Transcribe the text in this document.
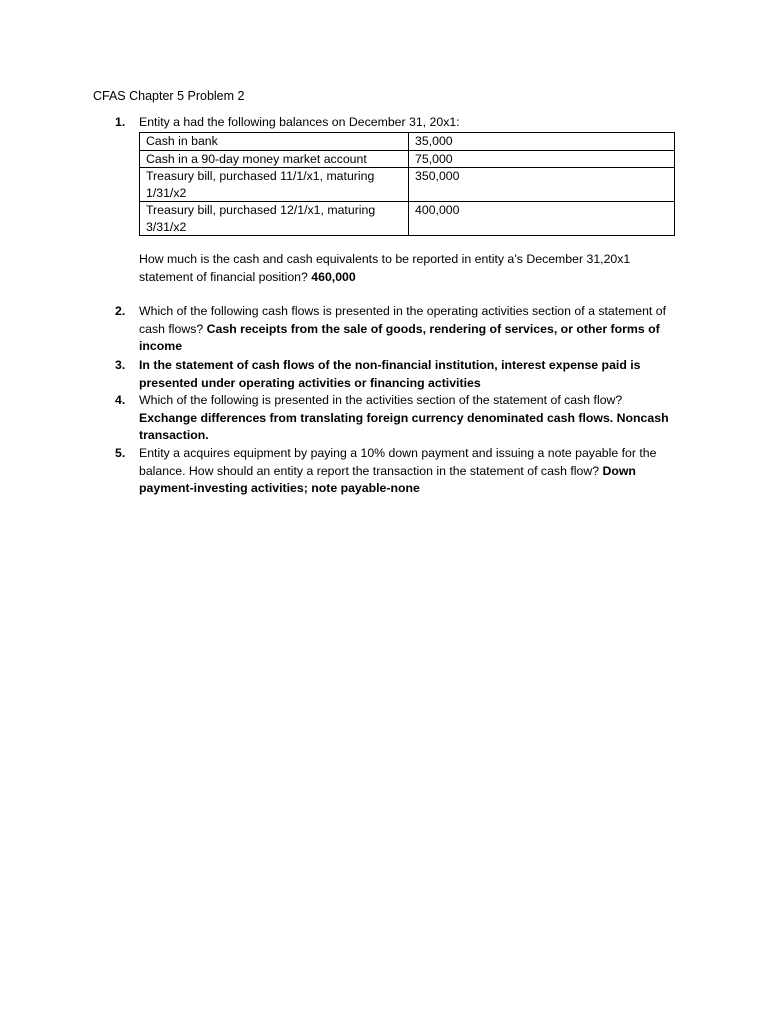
CFAS Chapter 5 Problem 2
1.	Entity a had the following balances on December 31, 20x1:
Cash in bank	35,000
Cash in a 90-day money market account	75,000
Treasury bill, purchased 11/1/x1, maturing 1/31/x2	350,000
Treasury bill, purchased 12/1/x1, maturing 3/31/x2	400,000
How much is the cash and cash equivalents to be reported in entity a’s December 31,20x1 statement of financial position? 460,000
2.	Which of the following cash flows is presented in the operating activities section of a statement of cash flows? Cash receipts from the sale of goods, rendering of services, or other forms of income
3.	In the statement of cash flows of the non-financial institution, interest expense paid is presented under operating activities or financing activities
4.	Which of the following is presented in the activities section of the statement of cash flow? Exchange differences from translating foreign currency denominated cash flows. Noncash transaction.
5.	Entity a acquires equipment by paying a 10% down payment and issuing a note payable for the balance. How should an entity a report the transaction in the statement of cash flow? Down payment-investing activities; note payable-none
